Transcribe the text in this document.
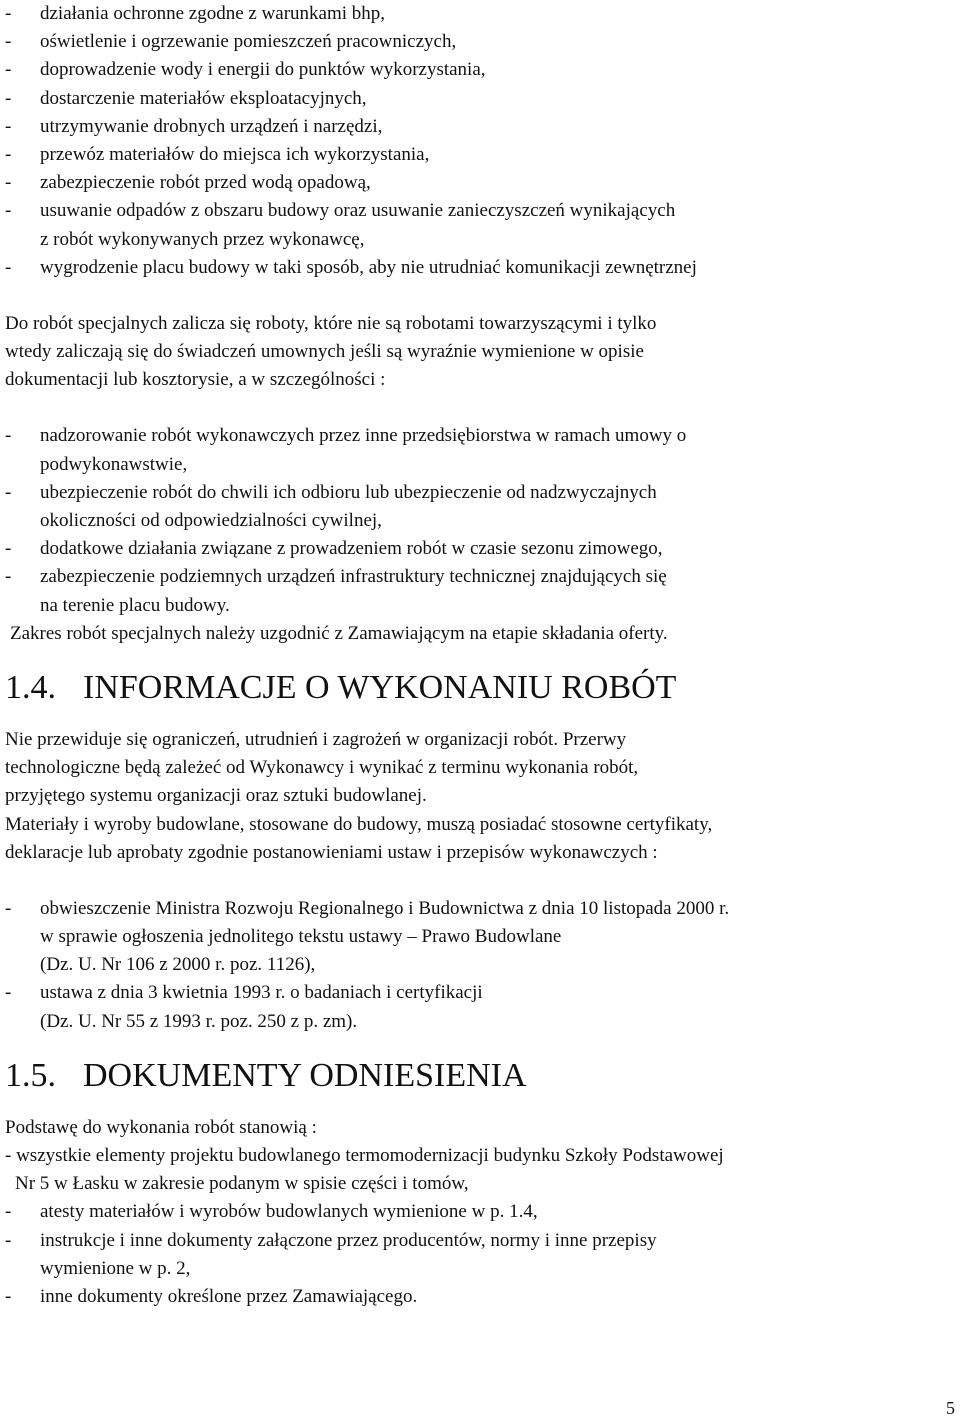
- działania ochronne zgodne z warunkami bhp,
- oświetlenie i ogrzewanie pomieszczeń pracowniczych,
- doprowadzenie wody i energii do punktów wykorzystania,
- dostarczenie materiałów eksploatacyjnych,
- utrzymywanie drobnych urządzeń i narzędzi,
- przewóz materiałów do miejsca ich wykorzystania,
- zabezpieczenie robót przed wodą opadową,
- usuwanie odpadów z obszaru budowy oraz usuwanie zanieczyszczeń wynikających
z robót wykonywanych przez wykonawcę,
- wygrodzenie placu budowy w taki sposób, aby nie utrudniać komunikacji zewnętrznej
Do robót specjalnych zalicza się roboty, które nie są robotami towarzyszącymi i tylko
wtedy zaliczają się do świadczeń umownych jeśli są wyraźnie wymienione w opisie
dokumentacji lub kosztorysie, a w szczególności :
- nadzorowanie robót wykonawczych przez inne przedsiębiorstwa w ramach umowy o
podwykonawstwie,
- ubezpieczenie robót do chwili ich odbioru lub ubezpieczenie od nadzwyczajnych
okoliczności od odpowiedzialności cywilnej,
- dodatkowe działania związane z prowadzeniem robót w czasie sezonu zimowego,
- zabezpieczenie podziemnych urządzeń infrastruktury technicznej znajdujących się
na terenie placu budowy.
Zakres robót specjalnych należy uzgodnić z Zamawiającym na etapie składania oferty.
1.4. INFORMACJE O WYKONANIU ROBÓT
Nie przewiduje się ograniczeń, utrudnień i zagrożeń w organizacji robót. Przerwy
technologiczne będą zależeć od Wykonawcy i wynikać z terminu wykonania robót,
przyjętego systemu organizacji oraz sztuki budowlanej.
Materiały i wyroby budowlane, stosowane do budowy, muszą posiadać stosowne certyfikaty,
deklaracje lub aprobaty zgodnie postanowieniami ustaw i przepisów wykonawczych :
- obwieszczenie Ministra Rozwoju Regionalnego i Budownictwa z dnia 10 listopada 2000 r.
w sprawie ogłoszenia jednolitego tekstu ustawy – Prawo Budowlane
(Dz. U. Nr 106 z 2000 r. poz. 1126),
- ustawa z dnia 3 kwietnia 1993 r. o badaniach i certyfikacji
(Dz. U. Nr 55 z 1993 r. poz. 250 z p. zm).
1.5. DOKUMENTY ODNIESIENIA
Podstawę do wykonania robót stanowią :
- wszystkie elementy projektu budowlanego termomodernizacji budynku Szkoły Podstawowej
Nr 5 w Łasku w zakresie podanym w spisie części i tomów,
- atesty materiałów i wyrobów budowlanych wymienione w p. 1.4,
- instrukcje i inne dokumenty załączone przez producentów, normy i inne przepisy
wymienione w p. 2,
- inne dokumenty określone przez Zamawiającego.
5
